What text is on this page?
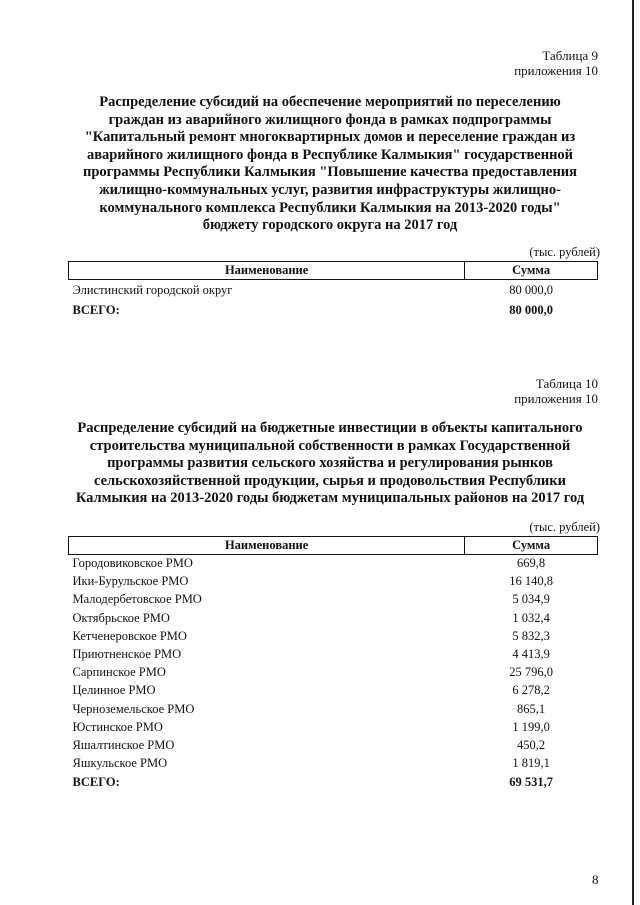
Таблица 9
приложения 10
Распределение субсидий на обеспечение мероприятий по переселению
граждан из аварийного жилищного фонда в рамках подпрограммы
"Капитальный ремонт многоквартирных домов и переселение граждан из
аварийного жилищного фонда в Республике Калмыкия" государственной
программы Республики Калмыкия "Повышение качества предоставления
жилищно-коммунальных услуг, развития инфраструктуры жилищно-
коммунального комплекса Республики Калмыкия на 2013-2020 годы"
бюджету городского округа на 2017 год
(тыс. рублей)
Наименование	Сумма
Элистинский городской округ	80 000,0
ВСЕГО:	80 000,0
Таблица 10
приложения 10
Распределение субсидий на бюджетные инвестиции в объекты капитального
строительства муниципальной собственности в рамках Государственной
программы развития сельского хозяйства и регулирования рынков
сельскохозяйственной продукции, сырья и продовольствия Республики
Калмыкия на 2013-2020 годы бюджетам муниципальных районов на 2017 год
(тыс. рублей)
Наименование	Сумма
Городовиковское РМО	669,8
Ики-Бурульское РМО	16 140,8
Малодербетовское РМО	5 034,9
Октябрьское РМО	1 032,4
Кетченеровское РМО	5 832,3
Приютненское РМО	4 413,9
Сарпинское РМО	25 796,0
Целинное РМО	6 278,2
Черноземельское РМО	865,1
Юстинское РМО	1 199,0
Яшалтинское РМО	450,2
Яшкульское РМО	1 819,1
ВСЕГО:	69 531,7
8
